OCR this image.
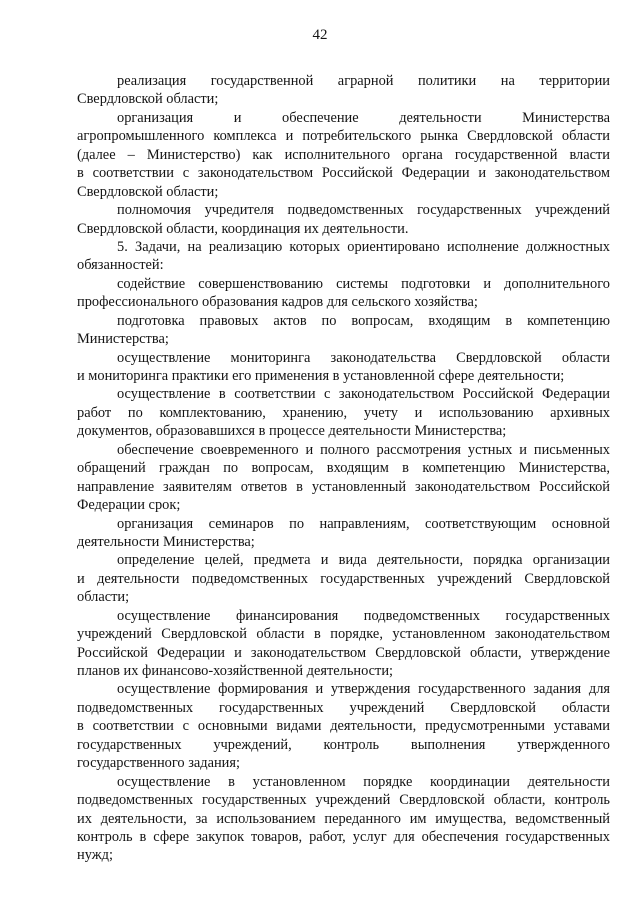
42
реализация государственной аграрной политики на территории
Свердловской области;
организация и обеспечение деятельности Министерства
агропромышленного комплекса и потребительского рынка Свердловской области
(далее – Министерство) как исполнительного органа государственной власти
в соответствии с законодательством Российской Федерации и законодательством
Свердловской области;
полномочия учредителя подведомственных государственных учреждений
Свердловской области, координация их деятельности.
5. Задачи, на реализацию которых ориентировано исполнение должностных
обязанностей:
содействие совершенствованию системы подготовки и дополнительного
профессионального образования кадров для сельского хозяйства;
подготовка правовых актов по вопросам, входящим в компетенцию
Министерства;
осуществление мониторинга законодательства Свердловской области
и мониторинга практики его применения в установленной сфере деятельности;
осуществление в соответствии с законодательством Российской Федерации
работ по комплектованию, хранению, учету и использованию архивных
документов, образовавшихся в процессе деятельности Министерства;
обеспечение своевременного и полного рассмотрения устных и письменных
обращений граждан по вопросам, входящим в компетенцию Министерства,
направление заявителям ответов в установленный законодательством Российской
Федерации срок;
организация семинаров по направлениям, соответствующим основной
деятельности Министерства;
определение целей, предмета и вида деятельности, порядка организации
и деятельности подведомственных государственных учреждений Свердловской
области;
осуществление финансирования подведомственных государственных
учреждений Свердловской области в порядке, установленном законодательством
Российской Федерации и законодательством Свердловской области, утверждение
планов их финансово-хозяйственной деятельности;
осуществление формирования и утверждения государственного задания для
подведомственных государственных учреждений Свердловской области
в соответствии с основными видами деятельности, предусмотренными уставами
государственных учреждений, контроль выполнения утвержденного
государственного задания;
осуществление в установленном порядке координации деятельности
подведомственных государственных учреждений Свердловской области, контроль
их деятельности, за использованием переданного им имущества, ведомственный
контроль в сфере закупок товаров, работ, услуг для обеспечения государственных
нужд;
